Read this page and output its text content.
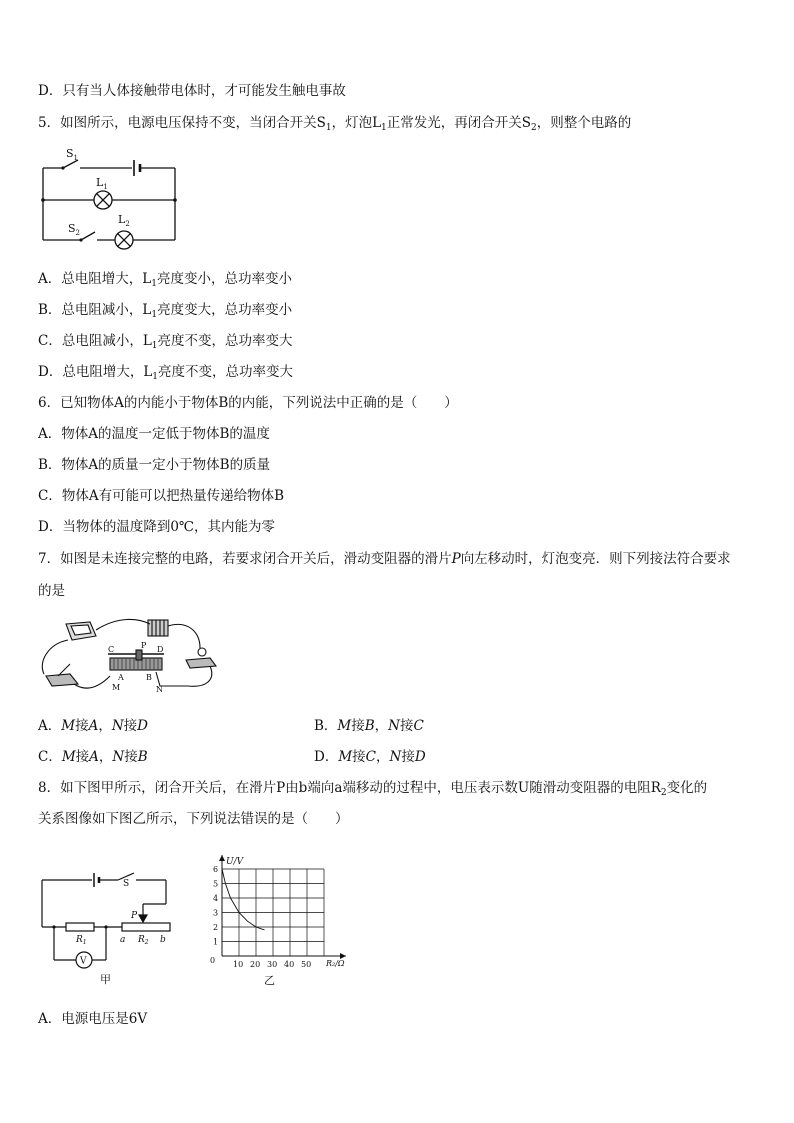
D．只有当人体接触带电体时，才可能发生触电事故
5．如图所示，电源电压保持不变，当闭合开关$S_1$，灯泡$L_1$正常发光，再闭合开关$S_2$，则整个电路的
$S_1$
$L_1$
$S_2$
$L_2$
A．总电阻增大，$L_1$亮度变小，总功率变小
B．总电阻减小，$L_1$亮度变大，总功率变小
C．总电阻减小，$L_1$亮度不变，总功率变大
D．总电阻增大，$L_1$亮度不变，总功率变大
6．已知物体A的内能小于物体B的内能，下列说法中正确的是（　　）
A．物体A的温度一定低于物体B的温度
B．物体A的质量一定小于物体B的质量
C．物体A有可能可以把热量传递给物体B
D．当物体的温度降到0℃，其内能为零
7．如图是未连接完整的电路，若要求闭合开关后，滑动变阻器的滑片P向左移动时，灯泡变亮．则下列接法符合要求
的是
C	P D
A	B
M	N
A．M接A，N接D	B．M接B，N接C
C．M接A，N接B	D．M接C，N接D
8．如下图甲所示，闭合开关后，在滑片P由b端向a端移动的过程中，电压表示数U随滑动变阻器的电阻$R_2$变化的
关系图像如下图乙所示，下列说法错误的是（　　）
S
P
$R_1$	a $R_2$ b
V
甲
10 20 30 40 50
1
2
3
4
5
6
U/V
R₂/Ω
0
乙
A．电源电压是6V
